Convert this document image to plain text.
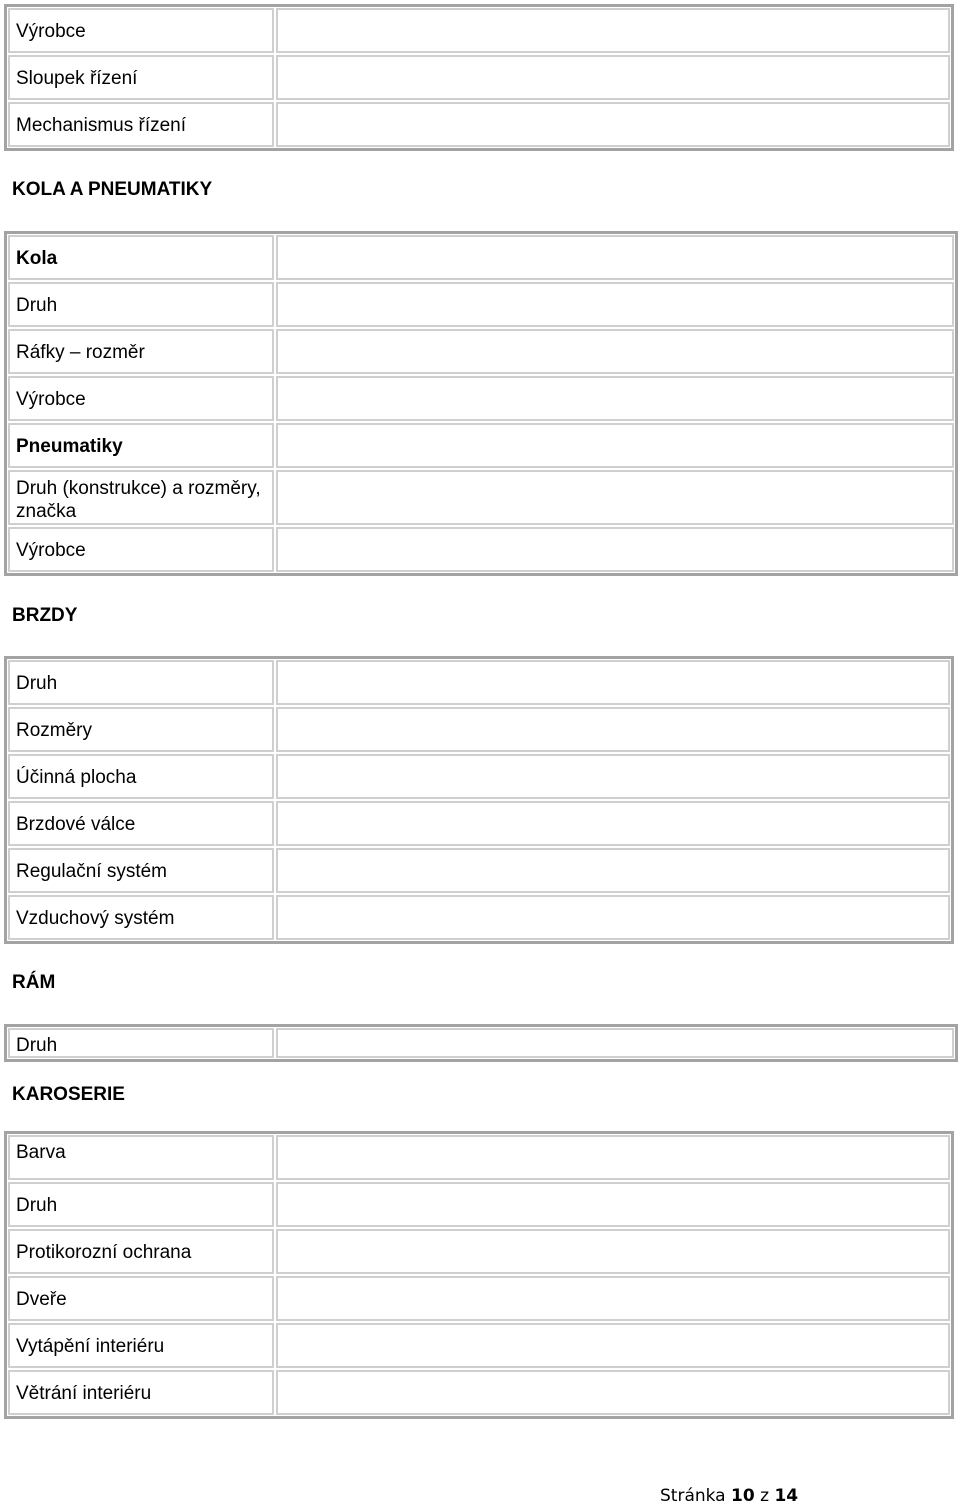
Výrobce
Sloupek řízení
Mechanismus řízení
KOLA A PNEUMATIKY
Kola
Druh
Ráfky – rozměr
Výrobce
Pneumatiky
Druh (konstrukce) a rozměry, značka
Výrobce
BRZDY
Druh
Rozměry
Účinná plocha
Brzdové válce
Regulační systém
Vzduchový systém
RÁM
Druh
KAROSERIE
Barva
Druh
Protikorozní ochrana
Dveře
Vytápění interiéru
Větrání interiéru
Stránka 10 z 14
